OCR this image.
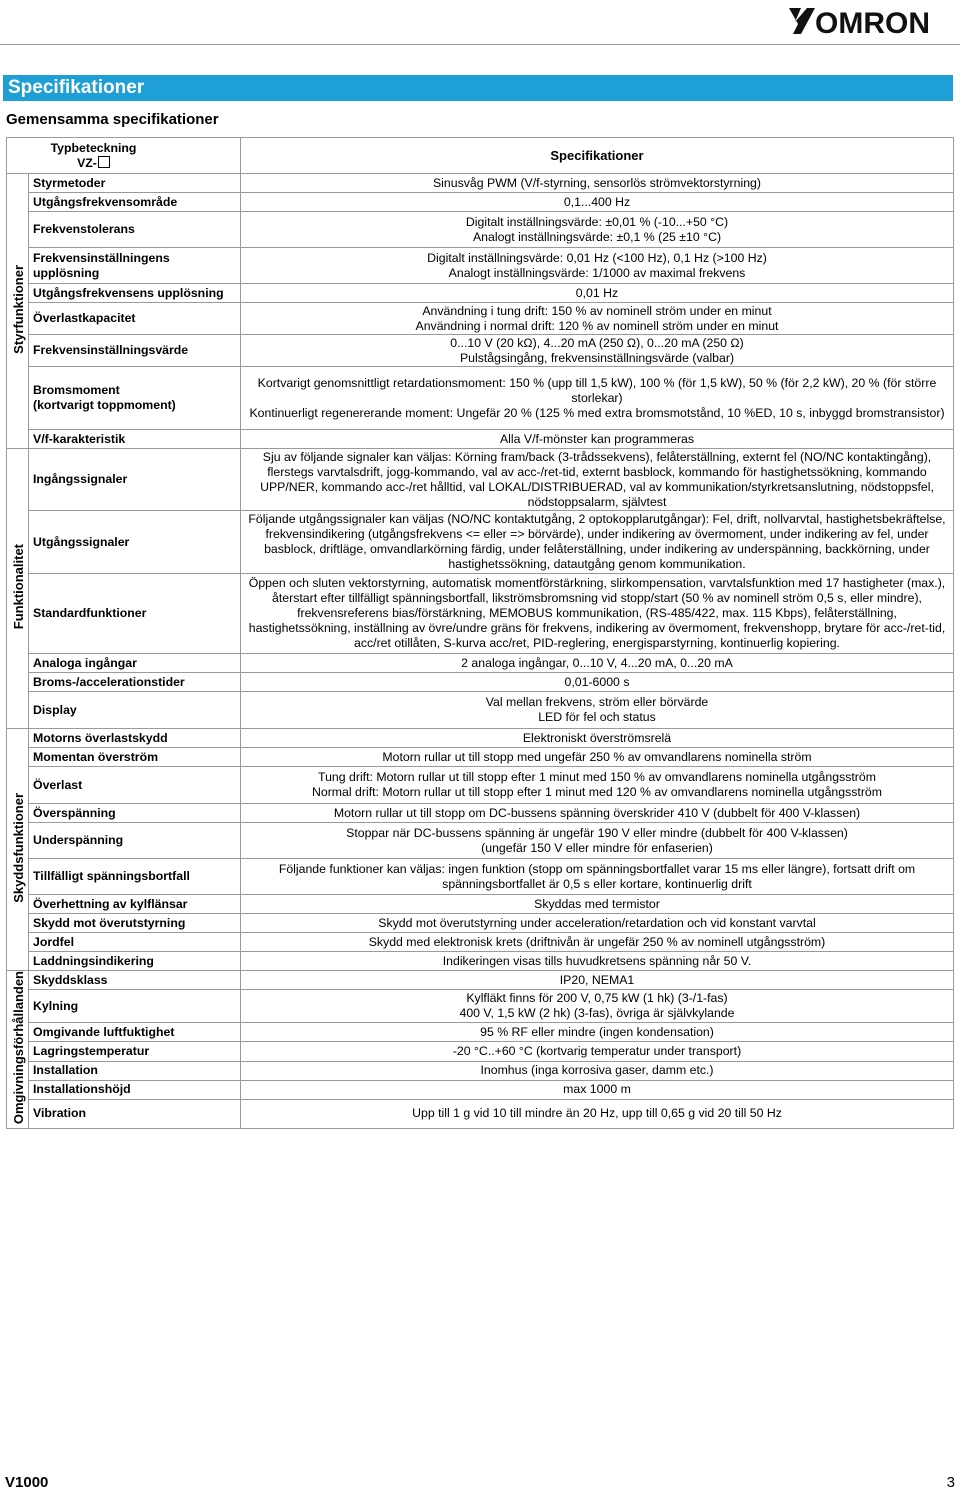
OMRON
Specifikationer
Gemensamma specifikationer
Typbeteckning
VZ-		Specifikationer
Styrfunktioner	Styrmetoder	Sinusvåg PWM (V/f-styrning, sensorlös strömvektorstyrning)
	Utgångsfrekvensområde	0,1...400 Hz
	Frekvenstolerans	Digitalt inställningsvärde: ±0,01 % (-10...+50 °C)
Analogt inställningsvärde: ±0,1 % (25 ±10 °C)
	Frekvensinställningens upplösning	Digitalt inställningsvärde: 0,01 Hz (<100 Hz), 0,1 Hz (>100 Hz)
Analogt inställningsvärde: 1/1000 av maximal frekvens
	Utgångsfrekvensens upplösning	0,01 Hz
	Överlastkapacitet	Användning i tung drift: 150 % av nominell ström under en minut
Användning i normal drift: 120 % av nominell ström under en minut
	Frekvensinställningsvärde	0...10 V (20 kΩ), 4...20 mA (250 Ω), 0...20 mA (250 Ω)
Pulstågsingång, frekvensinställningsvärde (valbar)
	Bromsmoment
(kortvarigt toppmoment)	Kortvarigt genomsnittligt retardationsmoment: 150 % (upp till 1,5 kW), 100 % (för 1,5 kW), 50 % (för 2,2 kW), 20 % (för större storlekar)
Kontinuerligt regenererande moment: Ungefär 20 % (125 % med extra bromsmotstånd, 10 %ED, 10 s, inbyggd bromstransistor)
	V/f-karakteristik	Alla V/f-mönster kan programmeras
Funktionalitet	Ingångssignaler	Sju av följande signaler kan väljas: Körning fram/back (3-trådssekvens), felåterställning, externt fel (NO/NC kontaktingång), flerstegs varvtalsdrift, jogg-kommando, val av acc-/ret-tid, externt basblock, kommando för hastighetssökning, kommando UPP/NER, kommando acc-/ret hålltid, val LOKAL/DISTRIBUERAD, val av kommunikation/styrkretsanslutning, nödstoppsfel, nödstoppsalarm, självtest
	Utgångssignaler	Följande utgångssignaler kan väljas (NO/NC kontaktutgång, 2 optokopplarutgångar): Fel, drift, nollvarvtal, hastighetsbekräftelse, frekvensindikering (utgångsfrekvens <= eller => börvärde), under indikering av övermoment, under indikering av fel, under basblock, driftläge, omvandlarkörning färdig, under felåterställning, under indikering av underspänning, backkörning, under hastighetssökning, datautgång genom kommunikation.
	Standardfunktioner	Öppen och sluten vektorstyrning, automatisk momentförstärkning, slirkompensation, varvtalsfunktion med 17 hastigheter (max.), återstart efter tillfälligt spänningsbortfall, likströmsbromsning vid stopp/start (50 % av nominell ström 0,5 s, eller mindre), frekvensreferens bias/förstärkning, MEMOBUS kommunikation, (RS-485/422, max. 115 Kbps), felåterställning, hastighetssökning, inställning av övre/undre gräns för frekvens, indikering av övermoment, frekvenshopp, brytare för acc-/ret-tid, acc/ret otillåten, S-kurva acc/ret, PID-reglering, energisparstyrning, kontinuerlig kopiering.
	Analoga ingångar	2 analoga ingångar, 0...10 V, 4...20 mA, 0...20 mA
	Broms-/accelerationstider	0,01-6000 s
	Display	Val mellan frekvens, ström eller börvärde
LED för fel och status
Skyddsfunktioner	Motorns överlastskydd	Elektroniskt överströmsrelä
	Momentan överström	Motorn rullar ut till stopp med ungefär 250 % av omvandlarens nominella ström
	Överlast	Tung drift: Motorn rullar ut till stopp efter 1 minut med 150 % av omvandlarens nominella utgångsström
Normal drift: Motorn rullar ut till stopp efter 1 minut med 120 % av omvandlarens nominella utgångsström
	Överspänning	Motorn rullar ut till stopp om DC-bussens spänning överskrider 410 V (dubbelt för 400 V-klassen)
	Underspänning	Stoppar när DC-bussens spänning är ungefär 190 V eller mindre (dubbelt för 400 V-klassen)
(ungefär 150 V eller mindre för enfaserien)
	Tillfälligt spänningsbortfall	Följande funktioner kan väljas: ingen funktion (stopp om spänningsbortfallet varar 15 ms eller längre), fortsatt drift om spänningsbortfallet är 0,5 s eller kortare, kontinuerlig drift
	Överhettning av kylflänsar	Skyddas med termistor
	Skydd mot överutstyrning	Skydd mot överutstyrning under acceleration/retardation och vid konstant varvtal
	Jordfel	Skydd med elektronisk krets (driftnivån är ungefär 250 % av nominell utgångsström)
	Laddningsindikering	Indikeringen visas tills huvudkretsens spänning når 50 V.
Omgivningsförhållanden	Skyddsklass	IP20, NEMA1
	Kylning	Kylfläkt finns för 200 V, 0,75 kW (1 hk) (3-/1-fas)
400 V, 1,5 kW (2 hk) (3-fas), övriga är självkylande
	Omgivande luftfuktighet	95 % RF eller mindre (ingen kondensation)
	Lagringstemperatur	-20 °C..+60 °C (kortvarig temperatur under transport)
	Installation	Inomhus (inga korrosiva gaser, damm etc.)
	Installationshöjd	max 1000 m
	Vibration	Upp till 1 g vid 10 till mindre än 20 Hz, upp till 0,65 g vid 20 till 50 Hz
V1000	3
